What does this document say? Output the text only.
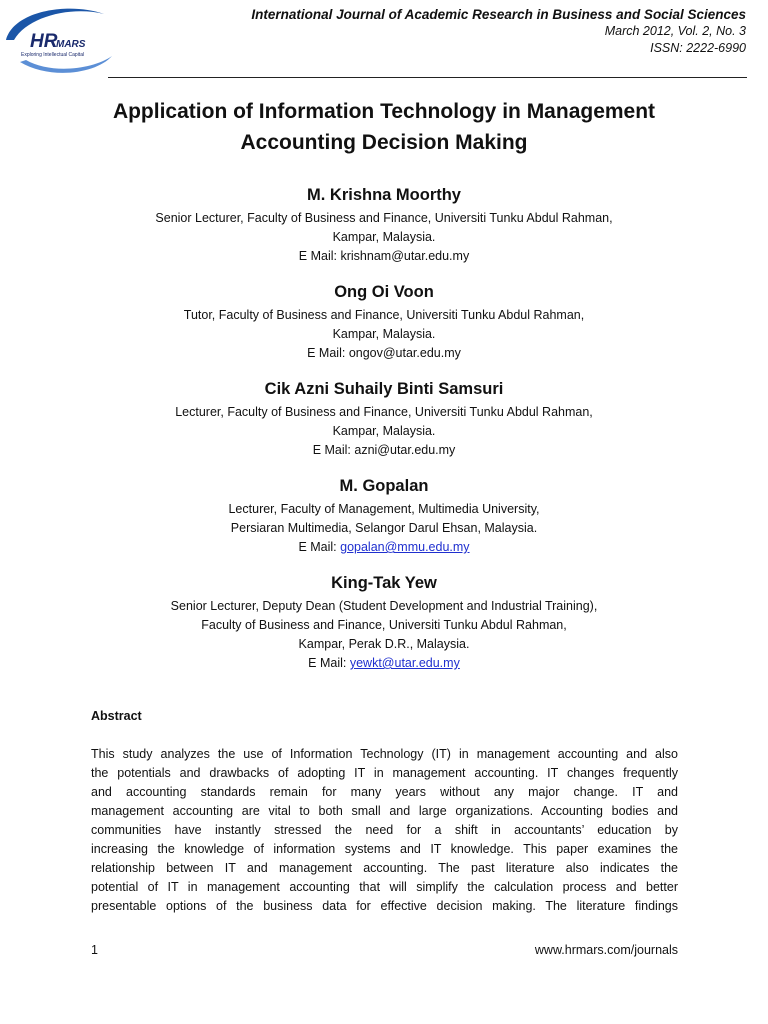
HR
MARS
Exploring Intellectual Capital
International Journal of Academic Research in Business and Social Sciences
March 2012, Vol. 2, No. 3
ISSN: 2222-6990
Application of Information Technology in Management
Accounting Decision Making
M. Krishna Moorthy
Senior Lecturer, Faculty of Business and Finance, Universiti Tunku Abdul Rahman,
Kampar, Malaysia.
E Mail: krishnam@utar.edu.my
Ong Oi Voon
Tutor, Faculty of Business and Finance, Universiti Tunku Abdul Rahman,
Kampar, Malaysia.
E Mail: ongov@utar.edu.my
Cik Azni Suhaily Binti Samsuri
Lecturer, Faculty of Business and Finance, Universiti Tunku Abdul Rahman,
Kampar, Malaysia.
E Mail: azni@utar.edu.my
M. Gopalan
Lecturer, Faculty of Management, Multimedia University,
Persiaran Multimedia, Selangor Darul Ehsan, Malaysia.
E Mail: gopalan@mmu.edu.my
King-Tak Yew
Senior Lecturer, Deputy Dean (Student Development and Industrial Training),
Faculty of Business and Finance, Universiti Tunku Abdul Rahman,
Kampar, Perak D.R., Malaysia.
E Mail: yewkt@utar.edu.my
Abstract
This study analyzes the use of Information Technology (IT) in management accounting and also
the potentials and drawbacks of adopting IT in management accounting. IT changes frequently
and accounting standards remain for many years without any major change. IT and
management accounting are vital to both small and large organizations. Accounting bodies and
communities have instantly stressed the need for a shift in accountants’ education by
increasing the knowledge of information systems and IT knowledge. This paper examines the
relationship between IT and management accounting. The past literature also indicates the
potential of IT in management accounting that will simplify the calculation process and better
presentable options of the business data for effective decision making. The literature findings
1	www.hrmars.com/journals
